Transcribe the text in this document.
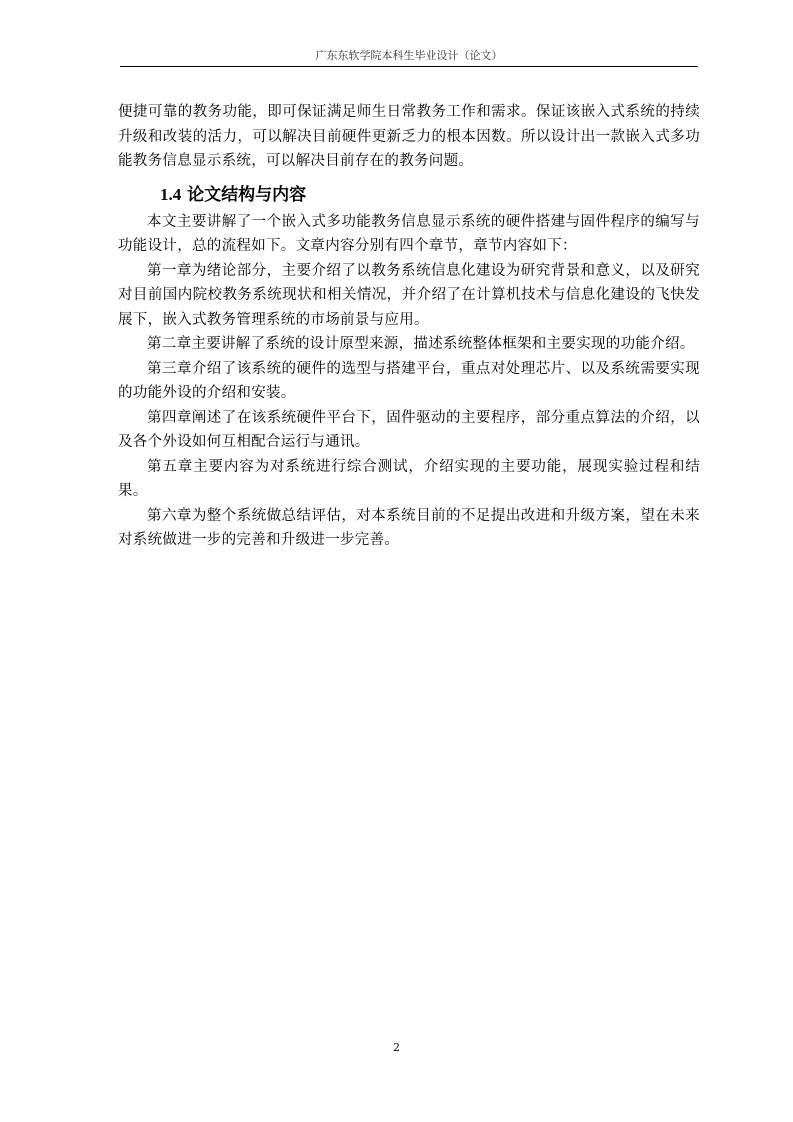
广东东软学院本科生毕业设计（论文）

便捷可靠的教务功能，即可保证满足师生日常教务工作和需求。保证该嵌入式系统的持续升级和改装的活力，可以解决目前硬件更新乏力的根本因数。所以设计出一款嵌入式多功能教务信息显示系统，可以解决目前存在的教务问题。

1.4 论文结构与内容

本文主要讲解了一个嵌入式多功能教务信息显示系统的硬件搭建与固件程序的编写与功能设计，总的流程如下。文章内容分别有四个章节，章节内容如下：

第一章为绪论部分，主要介绍了以教务系统信息化建设为研究背景和意义，以及研究对目前国内院校教务系统现状和相关情况，并介绍了在计算机技术与信息化建设的飞快发展下，嵌入式教务管理系统的市场前景与应用。

第二章主要讲解了系统的设计原型来源，描述系统整体框架和主要实现的功能介绍。

第三章介绍了该系统的硬件的选型与搭建平台，重点对处理芯片、以及系统需要实现的功能外设的介绍和安装。

第四章阐述了在该系统硬件平台下，固件驱动的主要程序，部分重点算法的介绍，以及各个外设如何互相配合运行与通讯。

第五章主要内容为对系统进行综合测试，介绍实现的主要功能，展现实验过程和结果。

第六章为整个系统做总结评估，对本系统目前的不足提出改进和升级方案，望在未来对系统做进一步的完善和升级进一步完善。

2
